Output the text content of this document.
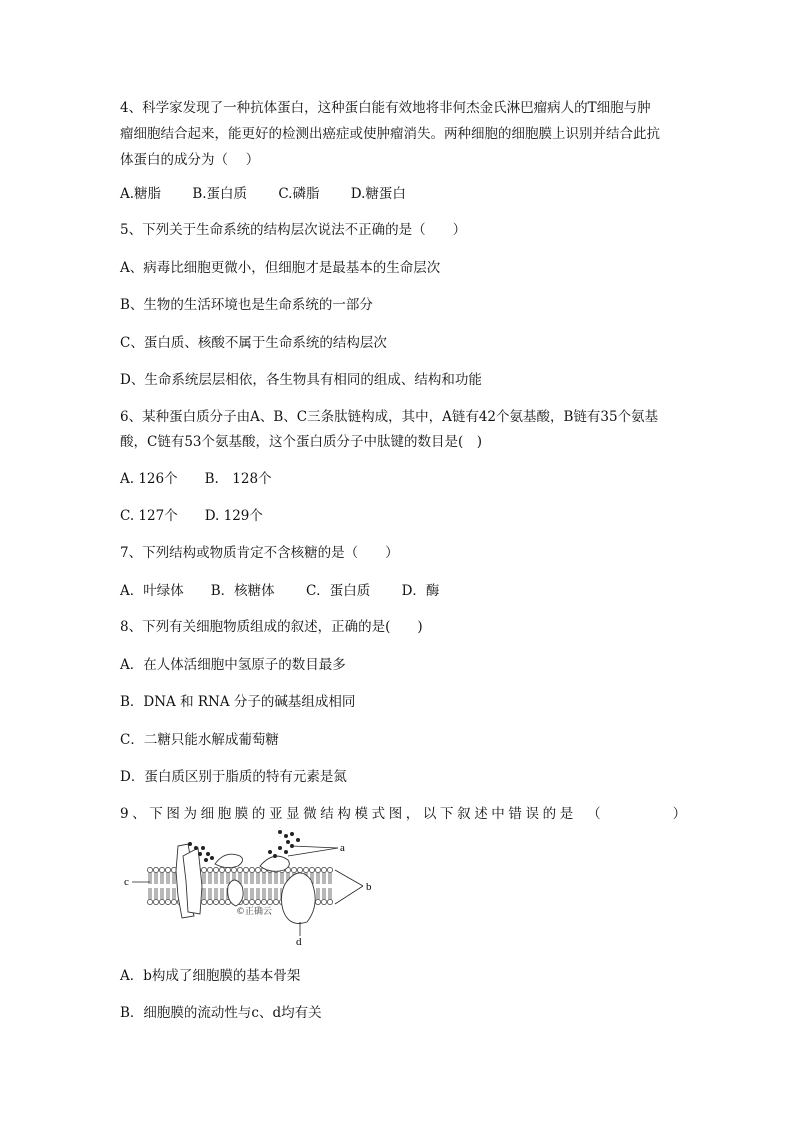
4、科学家发现了一种抗体蛋白，这种蛋白能有效地将非何杰金氏淋巴瘤病人的T细胞与肿
瘤细胞结合起来，能更好的检测出癌症或使肿瘤消失。两种细胞的细胞膜上识别并结合此抗
体蛋白的成分为（　 ）
A.糖脂　　 B.蛋白质　　 C.磷脂　　 D.糖蛋白
5、下列关于生命系统的结构层次说法不正确的是（　　）
A、病毒比细胞更微小，但细胞才是最基本的生命层次
B、生物的生活环境也是生命系统的一部分
C、蛋白质、核酸不属于生命系统的结构层次
D、生命系统层层相依，各生物具有相同的组成、结构和功能
6、某种蛋白质分子由A、B、C三条肽链构成，其中，A链有42个氨基酸，B链有35个氨基
酸，C链有53个氨基酸，这个蛋白质分子中肽键的数目是(　)
A. 126个　　B.　128个
C. 127个　　D. 129个
7、下列结构或物质肯定不含核糖的是（　　）
A．叶绿体　　B．核糖体　　 C．蛋白质　　 D．酶
8、下列有关细胞物质组成的叙述，正确的是(　　)
A．在人体活细胞中氢原子的数目最多
B．DNA 和 RNA 分子的碱基组成相同
C．二糖只能水解成葡萄糖
D．蛋白质区别于脂质的特有元素是氮
9、下图为细胞膜的亚显微结构模式图，以下叙述中错误的是　（　　　　）
a
b
c
d
©正确云
A．b构成了细胞膜的基本骨架
B．细胞膜的流动性与c、d均有关
